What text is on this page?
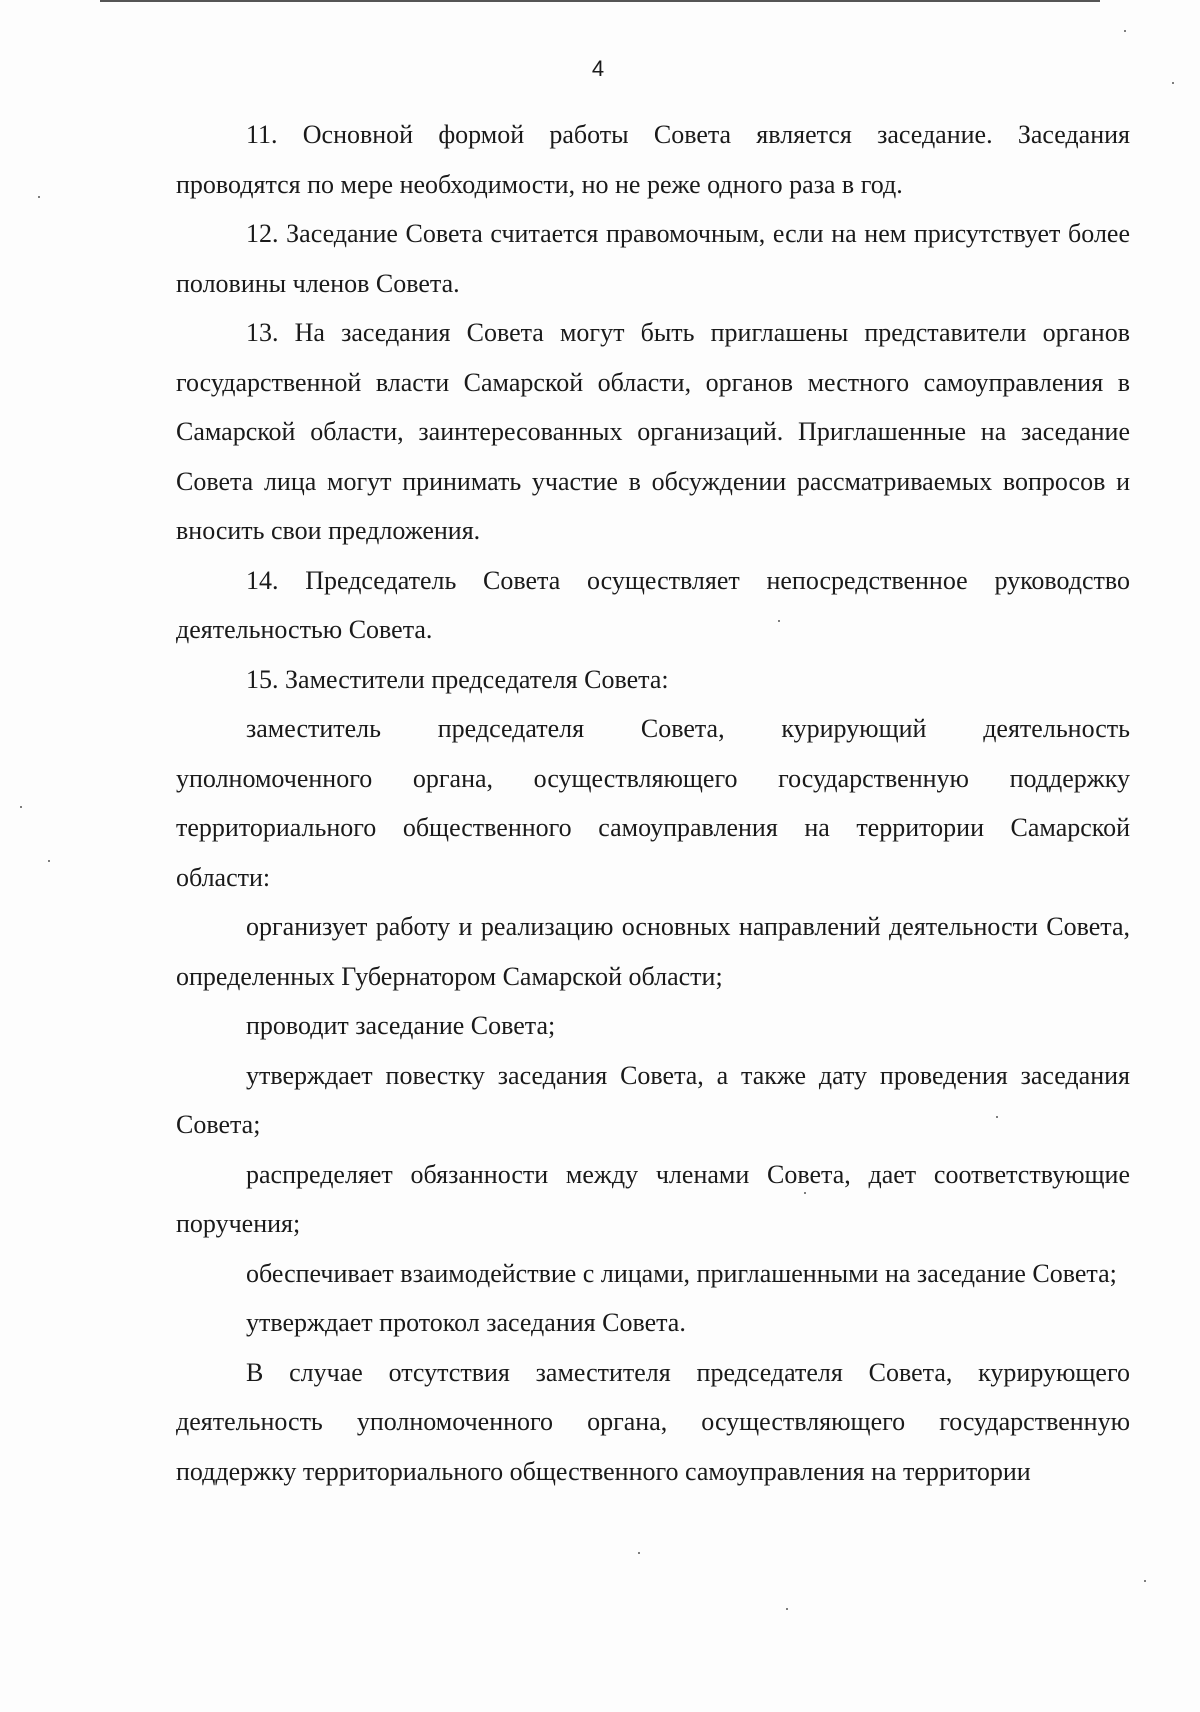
4

11. Основной формой работы Совета является заседание. Заседания проводятся по мере необходимости, но не реже одного раза в год.

12. Заседание Совета считается правомочным, если на нем присутствует более половины членов Совета.

13. На заседания Совета могут быть приглашены представители органов государственной власти Самарской области, органов местного самоуправления в Самарской области, заинтересованных организаций. Приглашенные на заседание Совета лица могут принимать участие в обсуждении рассматриваемых вопросов и вносить свои предложения.

14. Председатель Совета осуществляет непосредственное руководство деятельностью Совета.

15. Заместители председателя Совета:

заместитель председателя Совета, курирующий деятельность уполномоченного органа, осуществляющего государственную поддержку территориального общественного самоуправления на территории Самарской области:

организует работу и реализацию основных направлений деятельности Совета, определенных Губернатором Самарской области;

проводит заседание Совета;

утверждает повестку заседания Совета, а также дату проведения заседания Совета;

распределяет обязанности между членами Совета, дает соответствующие поручения;

обеспечивает взаимодействие с лицами, приглашенными на заседание Совета;

утверждает протокол заседания Совета.

В случае отсутствия заместителя председателя Совета, курирующего деятельность уполномоченного органа, осуществляющего государственную поддержку территориального общественного самоуправления на территории
